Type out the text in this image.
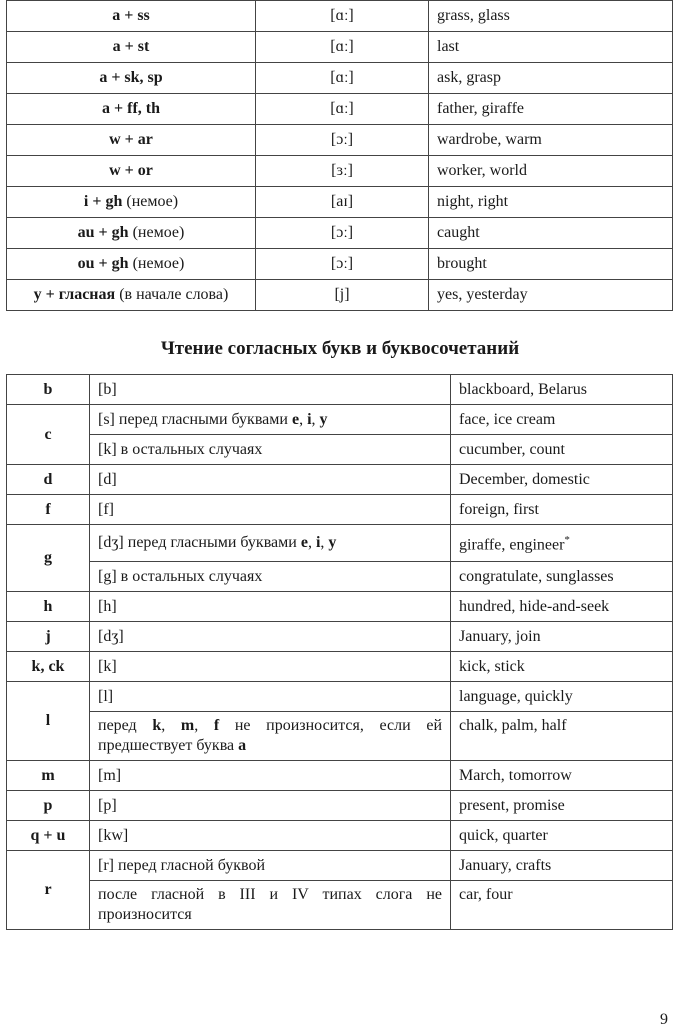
a + ss	[ɑː]	grass, glass
a + st	[ɑː]	last
a + sk, sp	[ɑː]	ask, grasp
a + ff, th	[ɑː]	father, giraffe
w + ar	[ɔː]	wardrobe, warm
w + or	[ɜː]	worker, world
i + gh (немое)	[aɪ]	night, right
au + gh (немое)	[ɔː]	caught
ou + gh (немое)	[ɔː]	brought
y + гласная (в начале слова)	[j]	yes, yesterday
Чтение согласных букв и буквосочетаний
b	[b]	blackboard, Belarus
c	[s] перед гласными буквами e, i, y	face, ice cream
	[k] в остальных случаях	cucumber, count
d	[d]	December, domestic
f	[f]	foreign, first
g	[dʒ] перед гласными буквами e, i, y	giraffe, engineer*
	[g] в остальных случаях	congratulate, sunglasses
h	[h]	hundred, hide-and-seek
j	[dʒ]	January, join
k, ck	[k]	kick, stick
l	[l]	language, quickly
	перед k, m, f не произносится, если ей предшествует буква a	chalk, palm, half
m	[m]	March, tomorrow
p	[p]	present, promise
q + u	[kw]	quick, quarter
r	[r] перед гласной буквой	January, crafts
	после гласной в III и IV типах слога не произносится	car, four
9
